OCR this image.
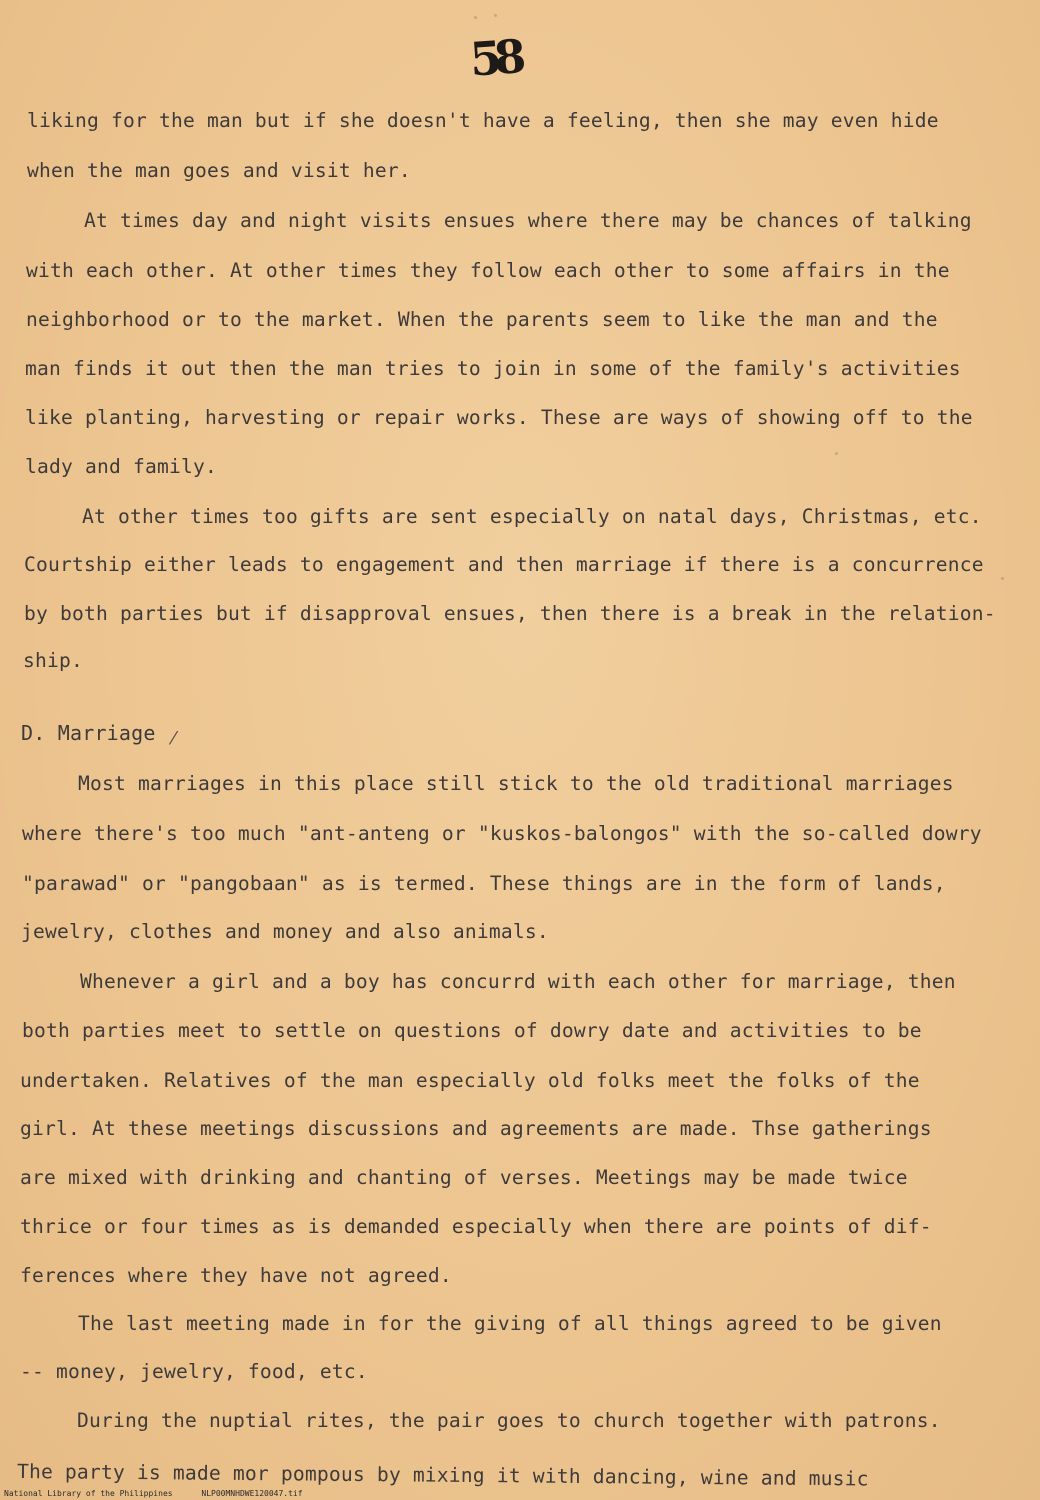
58
liking for the man but if she doesn't have a feeling, then she may even hide
when the man goes and visit her.
At times day and night visits ensues where there may be chances of talking
with each other. At other times they follow each other to some affairs in the
neighborhood or to the market. When the parents seem to like the man and the
man finds it out then the man tries to join in some of the family's activities
like planting, harvesting or repair works. These are ways of showing off to the
lady and family.
At other times too gifts are sent especially on natal days, Christmas, etc.
Courtship either leads to engagement and then marriage if there is a concurrence
by both parties but if disapproval ensues, then there is a break in the relation-
ship.
D. Marriage ⁄
Most marriages in this place still stick to the old traditional marriages
where there's too much "ant-anteng or "kuskos-balongos" with the so-called dowry
"parawad" or "pangobaan" as is termed. These things are in the form of lands,
jewelry, clothes and money and also animals.
Whenever a girl and a boy has concurrd with each other for marriage, then
both parties meet to settle on questions of dowry date and activities to be
undertaken. Relatives of the man especially old folks meet the folks of the
girl. At these meetings discussions and agreements are made. Thse gatherings
are mixed with drinking and chanting of verses. Meetings may be made twice
thrice or four times as is demanded especially when there are points of dif-
ferences where they have not agreed.
The last meeting made in for the giving of all things agreed to be given
-- money, jewelry, food, etc.
During the nuptial rites, the pair goes to church together with patrons.
The party is made mor pompous by mixing it with dancing, wine and music
National Library of the Philippines	NLP00MNHDWE120047.tif
